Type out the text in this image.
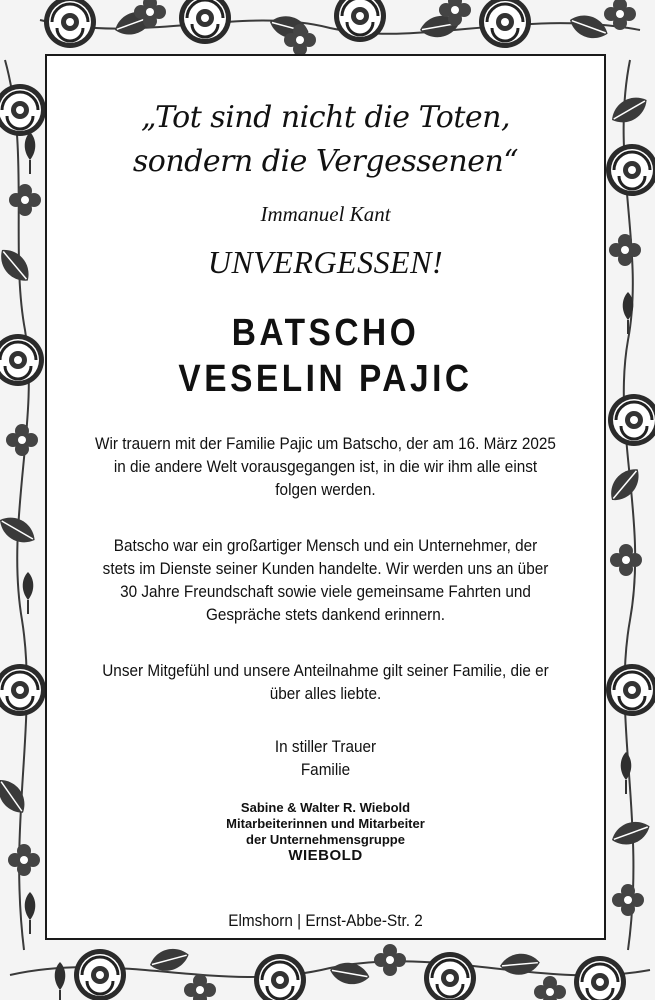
„Tot sind nicht die Toten,
sondern die Vergessenen“
Immanuel Kant
UNVERGESSEN!
BATSCHO
VESELIN PAJIC
Wir trauern mit der Familie Pajic um Batscho, der am 16. März 2025
in die andere Welt vorausgegangen ist, in die wir ihm alle einst
folgen werden.
Batscho war ein großartiger Mensch und ein Unternehmer, der
stets im Dienste seiner Kunden handelte. Wir werden uns an über
30 Jahre Freundschaft sowie viele gemeinsame Fahrten und
Gespräche stets dankend erinnern.
Unser Mitgefühl und unsere Anteilnahme gilt seiner Familie, die er
über alles liebte.
In stiller Trauer
Familie
Sabine & Walter R. Wiebold
Mitarbeiterinnen und Mitarbeiter
der Unternehmensgruppe
WIEBOLD
Elmshorn | Ernst-Abbe-Str. 2
